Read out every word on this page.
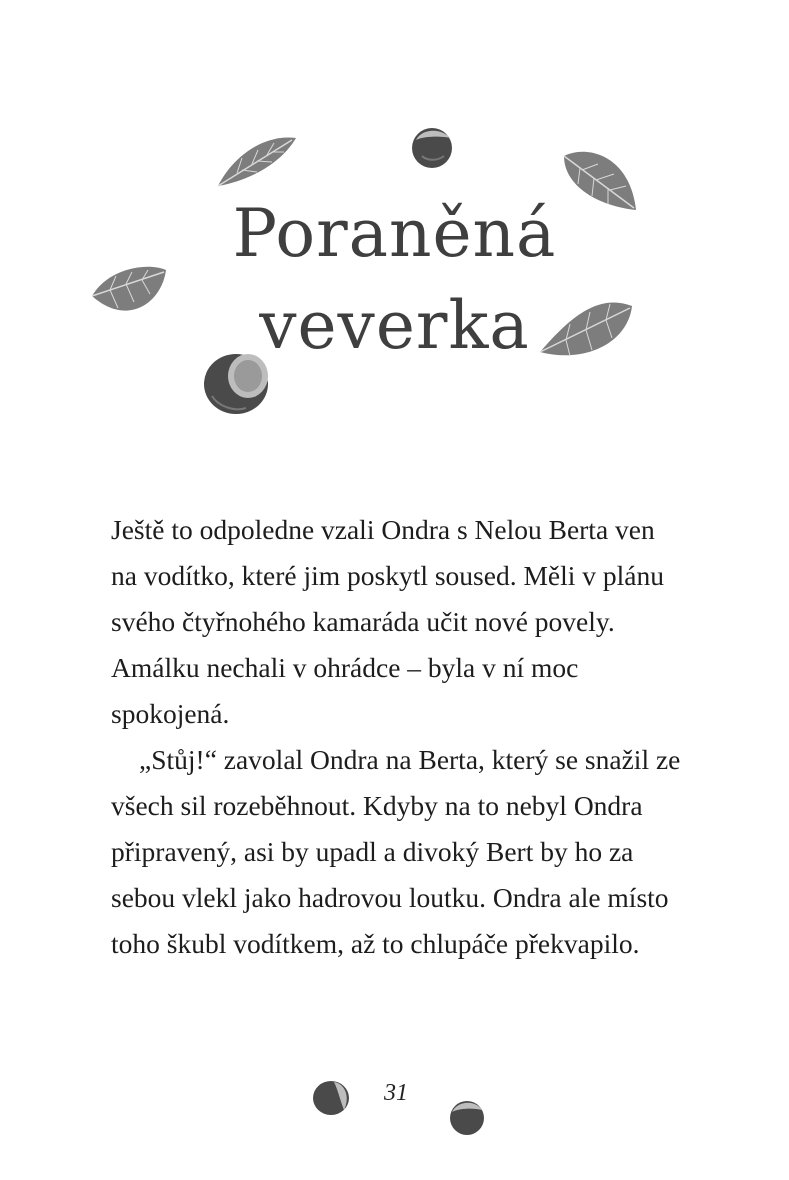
Poraněná
veverka

Ještě to odpoledne vzali Ondra s Nelou Berta ven na vodítko, které jim poskytl soused. Měli v plánu svého čtyřnohého kamaráda učit nové povely. Amálku nechali v ohrádce – byla v ní moc spokojená.

„Stůj!“ zavolal Ondra na Berta, který se snažil ze všech sil rozeběhnout. Kdyby na to nebyl Ondra připravený, asi by upadl a divoký Bert by ho za sebou vlekl jako hadrovou loutku. Ondra ale místo toho škubl vodítkem, až to chlupáče překvapilo.

31
